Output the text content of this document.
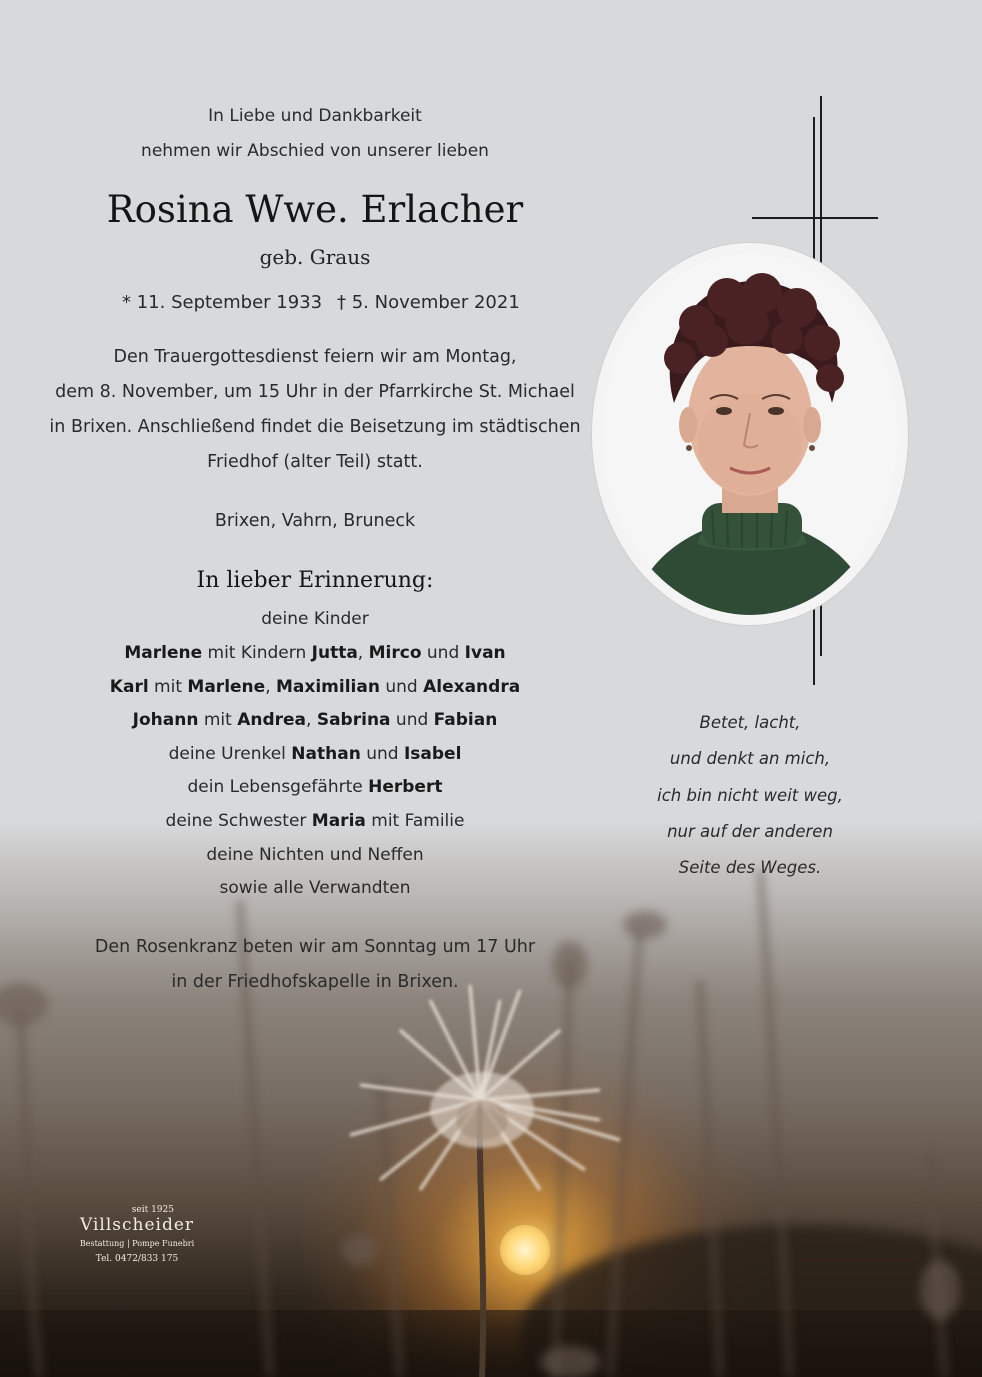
In Liebe und Dankbarkeit
nehmen wir Abschied von unserer lieben
Rosina Wwe. Erlacher
geb. Graus
* 11. September 1933 † 5. November 2021
Den Trauergottesdienst feiern wir am Montag,
dem 8. November, um 15 Uhr in der Pfarrkirche St. Michael
in Brixen. Anschließend findet die Beisetzung im städtischen
Friedhof (alter Teil) statt.
Brixen, Vahrn, Bruneck
In lieber Erinnerung:
deine Kinder
Marlene mit Kindern Jutta, Mirco und Ivan
Karl mit Marlene, Maximilian und Alexandra
Johann mit Andrea, Sabrina und Fabian
deine Urenkel Nathan und Isabel
dein Lebensgefährte Herbert
deine Schwester Maria mit Familie
deine Nichten und Neffen
sowie alle Verwandten
Den Rosenkranz beten wir am Sonntag um 17 Uhr
in der Friedhofskapelle in Brixen.
Betet, lacht,
und denkt an mich,
ich bin nicht weit weg,
nur auf der anderen
Seite des Weges.
seit 1925
Villscheider
Bestattung | Pompe Funebri
Tel. 0472/833 175
